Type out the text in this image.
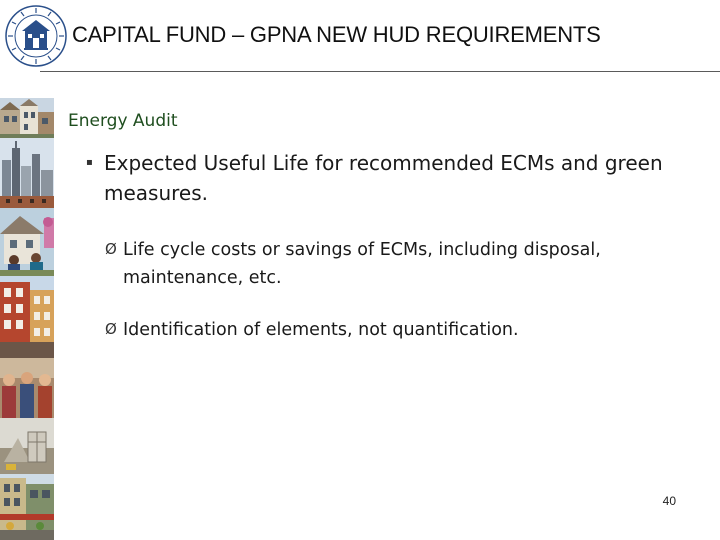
CAPITAL FUND – GPNA NEW HUD REQUIREMENTS
Energy Audit
▪ Expected Useful Life for recommended ECMs and green measures.
Ø Life cycle costs or savings of ECMs, including disposal, maintenance, etc.
Ø Identification of elements, not quantification.
40
